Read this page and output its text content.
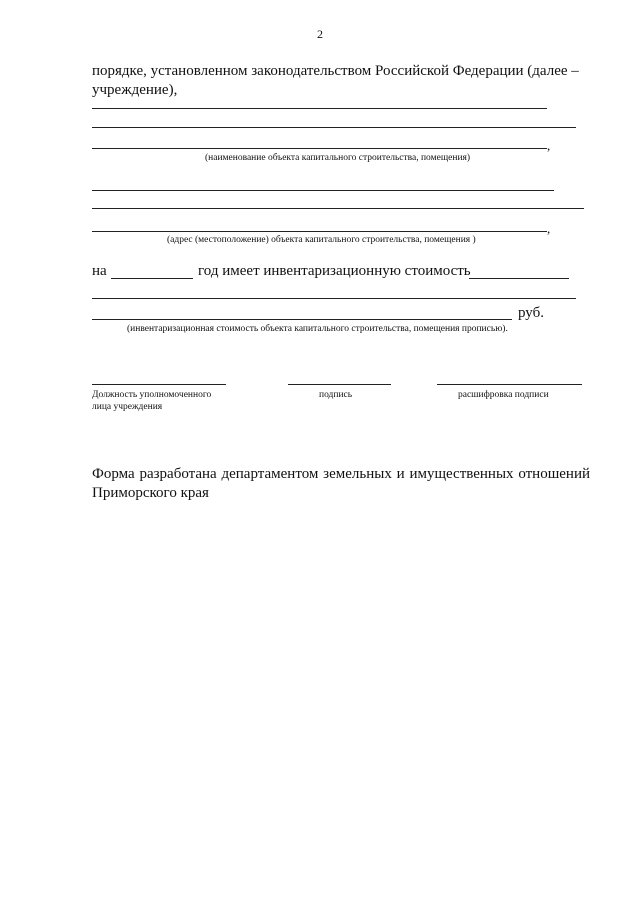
2
порядке, установленном законодательством Российской Федерации (далее –
учреждение),
,
(наименование объекта капитального строительства, помещения)
,
(адрес (местоположение) объекта капитального строительства, помещения )
на	год имеет инвентаризационную стоимость
руб.
(инвентаризационная стоимость объекта капитального строительства, помещения прописью).
Должность уполномоченного
лица учреждения
подпись	расшифровка подписи
Форма разработана департаментом земельных и имущественных отношений
Приморского края
